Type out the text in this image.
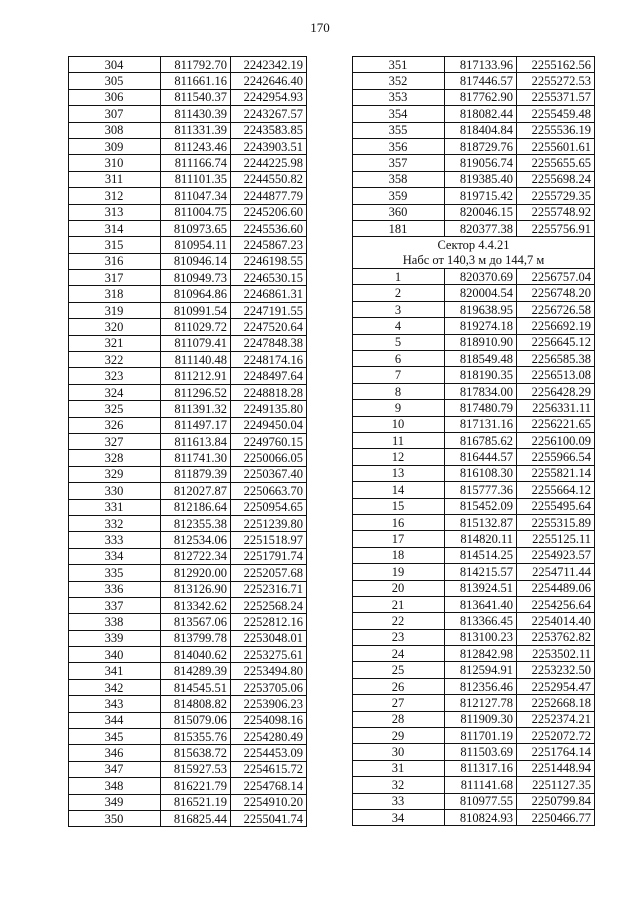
170
304	811792.70	2242342.19
305	811661.16	2242646.40
306	811540.37	2242954.93
307	811430.39	2243267.57
308	811331.39	2243583.85
309	811243.46	2243903.51
310	811166.74	2244225.98
311	811101.35	2244550.82
312	811047.34	2244877.79
313	811004.75	2245206.60
314	810973.65	2245536.60
315	810954.11	2245867.23
316	810946.14	2246198.55
317	810949.73	2246530.15
318	810964.86	2246861.31
319	810991.54	2247191.55
320	811029.72	2247520.64
321	811079.41	2247848.38
322	811140.48	2248174.16
323	811212.91	2248497.64
324	811296.52	2248818.28
325	811391.32	2249135.80
326	811497.17	2249450.04
327	811613.84	2249760.15
328	811741.30	2250066.05
329	811879.39	2250367.40
330	812027.87	2250663.70
331	812186.64	2250954.65
332	812355.38	2251239.80
333	812534.06	2251518.97
334	812722.34	2251791.74
335	812920.00	2252057.68
336	813126.90	2252316.71
337	813342.62	2252568.24
338	813567.06	2252812.16
339	813799.78	2253048.01
340	814040.62	2253275.61
341	814289.39	2253494.80
342	814545.51	2253705.06
343	814808.82	2253906.23
344	815079.06	2254098.16
345	815355.76	2254280.49
346	815638.72	2254453.09
347	815927.53	2254615.72
348	816221.79	2254768.14
349	816521.19	2254910.20
350	816825.44	2255041.74
351	817133.96	2255162.56
352	817446.57	2255272.53
353	817762.90	2255371.57
354	818082.44	2255459.48
355	818404.84	2255536.19
356	818729.76	2255601.61
357	819056.74	2255655.65
358	819385.40	2255698.24
359	819715.42	2255729.35
360	820046.15	2255748.92
181	820377.38	2255756.91
Сектор 4.4.21		
Набс от 140,3 м до 144,7 м		
1	820370.69	2256757.04
2	820004.54	2256748.20
3	819638.95	2256726.58
4	819274.18	2256692.19
5	818910.90	2256645.12
6	818549.48	2256585.38
7	818190.35	2256513.08
8	817834.00	2256428.29
9	817480.79	2256331.11
10	817131.16	2256221.65
11	816785.62	2256100.09
12	816444.57	2255966.54
13	816108.30	2255821.14
14	815777.36	2255664.12
15	815452.09	2255495.64
16	815132.87	2255315.89
17	814820.11	2255125.11
18	814514.25	2254923.57
19	814215.57	2254711.44
20	813924.51	2254489.06
21	813641.40	2254256.64
22	813366.45	2254014.40
23	813100.23	2253762.82
24	812842.98	2253502.11
25	812594.91	2253232.50
26	812356.46	2252954.47
27	812127.78	2252668.18
28	811909.30	2252374.21
29	811701.19	2252072.72
30	811503.69	2251764.14
31	811317.16	2251448.94
32	811141.68	2251127.35
33	810977.55	2250799.84
34	810824.93	2250466.77
